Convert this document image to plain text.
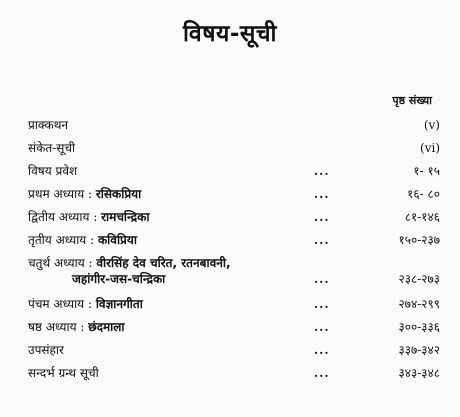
विषय-सूची
पृष्ठ संख्या
प्राक्कथन	(v)
संकेत-सूची	(vi)
विषय प्रवेश	...	१- १५
प्रथम अध्याय : रसिकप्रिया	...	१६- ८०
द्वितीय अध्याय : रामचन्द्रिका	...	८१-१४६
तृतीय अध्याय : कविप्रिया	...	१५०-२३७
चतुर्थ अध्याय : वीरसिंह देव चरित, रतनबावनी,
जहांगीर-जस-चन्द्रिका	...	२३८-२७३
पंचम अध्याय : विज्ञानगीता	...	२७४-२९९
षष्ठ अध्याय : छंदमाला	...	३००-३३६
उपसंहार	...	३३७-३४२
सन्दर्भ ग्रन्थ सूची	...	३४३-३४८
